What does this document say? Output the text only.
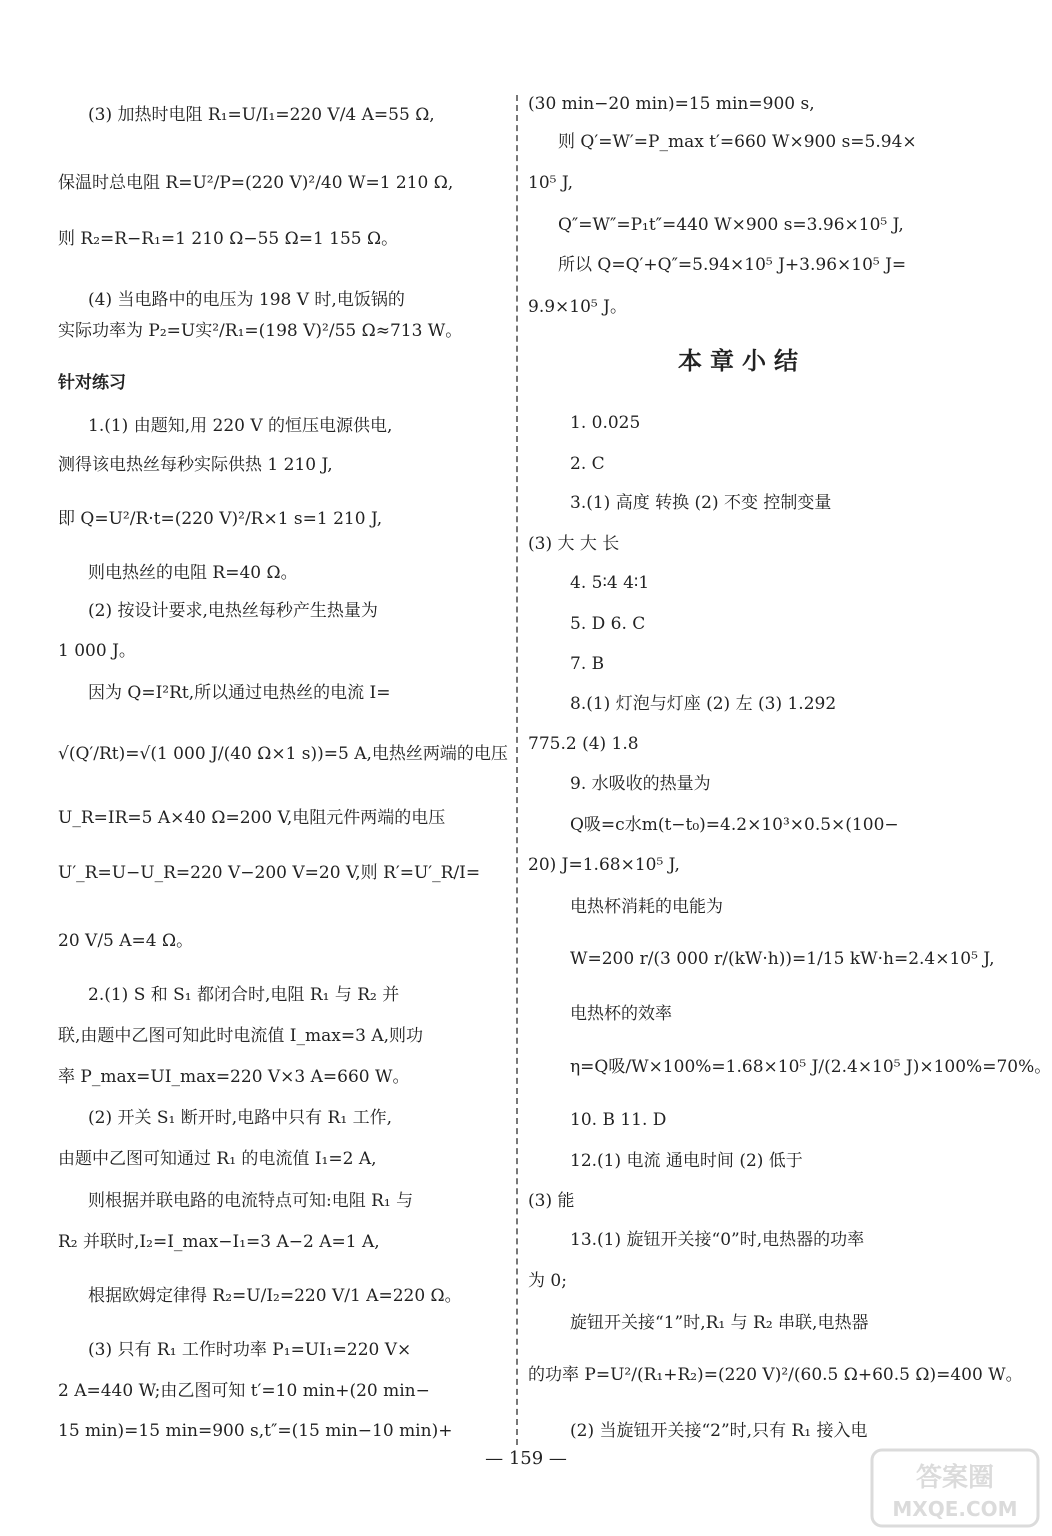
(3) 加热时电阻 R₁=U/I₁=220 V/4 A=55 Ω,
保温时总电阻 R=U²/P=(220 V)²/40 W=1 210 Ω,
则 R₂=R−R₁=1 210 Ω−55 Ω=1 155 Ω。
(4) 当电路中的电压为 198 V 时,电饭锅的
实际功率为 P₂=U实²/R₁=(198 V)²/55 Ω≈713 W。
针对练习
1.(1) 由题知,用 220 V 的恒压电源供电,
测得该电热丝每秒实际供热 1 210 J,
即 Q=U²/R·t=(220 V)²/R×1 s=1 210 J,
则电热丝的电阻 R=40 Ω。
(2) 按设计要求,电热丝每秒产生热量为
1 000 J。
因为 Q=I²Rt,所以通过电热丝的电流 I=
√(Q′/Rt)=√(1 000 J/(40 Ω×1 s))=5 A,电热丝两端的电压
U_R=IR=5 A×40 Ω=200 V,电阻元件两端的电压
U′_R=U−U_R=220 V−200 V=20 V,则 R′=U′_R/I=
20 V/5 A=4 Ω。
2.(1) S 和 S₁ 都闭合时,电阻 R₁ 与 R₂ 并
联,由题中乙图可知此时电流值 I_max=3 A,则功
率 P_max=UI_max=220 V×3 A=660 W。
(2) 开关 S₁ 断开时,电路中只有 R₁ 工作,
由题中乙图可知通过 R₁ 的电流值 I₁=2 A,
则根据并联电路的电流特点可知:电阻 R₁ 与
R₂ 并联时,I₂=I_max−I₁=3 A−2 A=1 A,
根据欧姆定律得 R₂=U/I₂=220 V/1 A=220 Ω。
(3) 只有 R₁ 工作时功率 P₁=UI₁=220 V×
2 A=440 W;由乙图可知 t′=10 min+(20 min−
15 min)=15 min=900 s,t″=(15 min−10 min)+
本章小结
(30 min−20 min)=15 min=900 s,
则 Q′=W′=P_max t′=660 W×900 s=5.94×
10⁵ J,
Q″=W″=P₁t″=440 W×900 s=3.96×10⁵ J,
所以 Q=Q′+Q″=5.94×10⁵ J+3.96×10⁵ J=
9.9×10⁵ J。
1. 0.025
2. C
3.(1) 高度 转换 (2) 不变 控制变量
(3) 大 大 长
4. 5∶4 4∶1
5. D 6. C
7. B
8.(1) 灯泡与灯座 (2) 左 (3) 1.292
775.2 (4) 1.8
9. 水吸收的热量为
Q吸=c水m(t−t₀)=4.2×10³×0.5×(100−
20) J=1.68×10⁵ J,
电热杯消耗的电能为
W=200 r/(3 000 r/(kW·h))=1/15 kW·h=2.4×10⁵ J,
电热杯的效率
η=Q吸/W×100%=1.68×10⁵ J/(2.4×10⁵ J)×100%=70%。
10. B 11. D
12.(1) 电流 通电时间 (2) 低于
(3) 能
13.(1) 旋钮开关接“0”时,电热器的功率
为 0;
旋钮开关接“1”时,R₁ 与 R₂ 串联,电热器
的功率 P=U²/(R₁+R₂)=(220 V)²/(60.5 Ω+60.5 Ω)=400 W。
(2) 当旋钮开关接“2”时,只有 R₁ 接入电
— 159 —
答案圈
MXQE.COM
